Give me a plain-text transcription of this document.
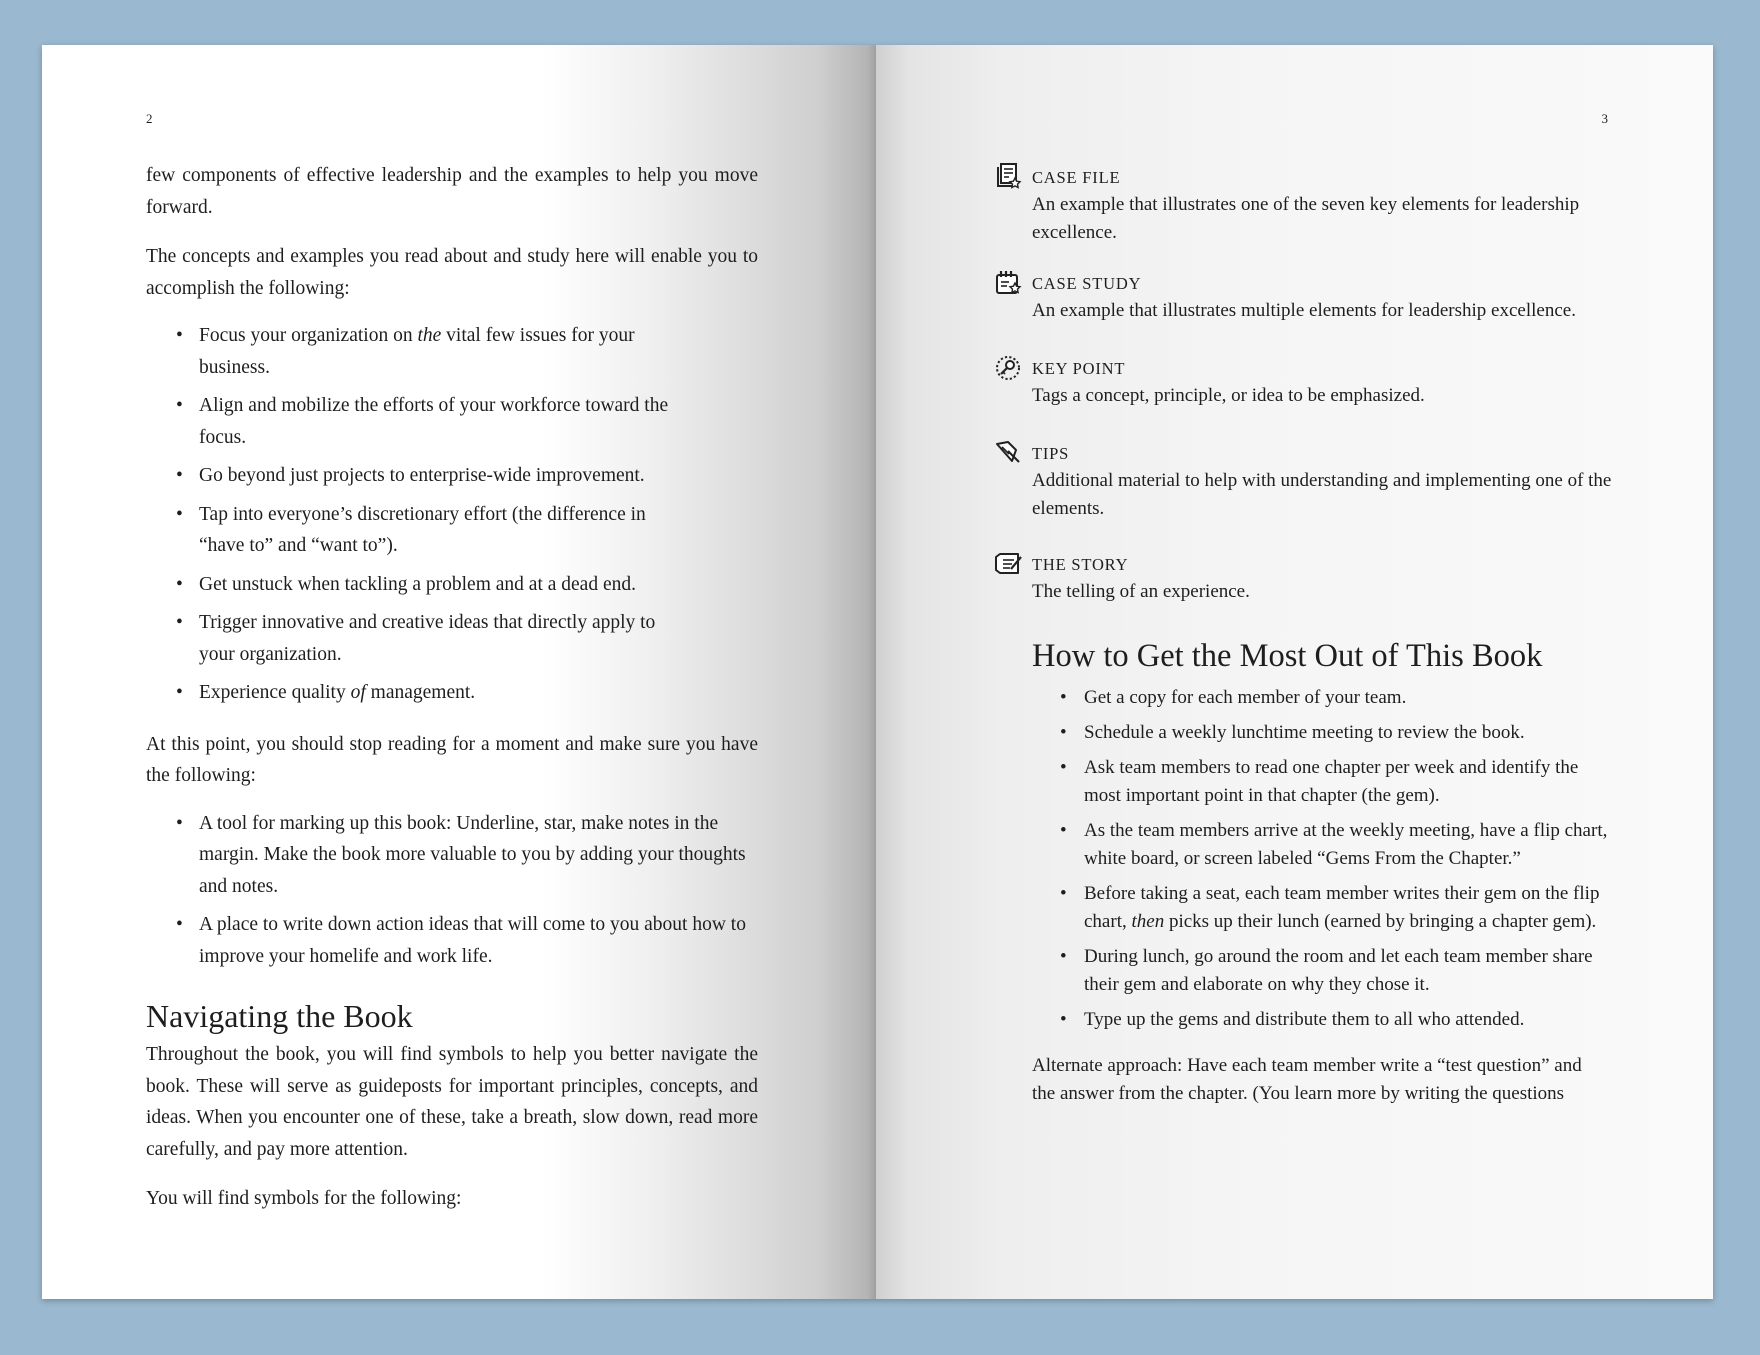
2

few components of effective leadership and the examples to help you move forward.

The concepts and examples you read about and study here will enable you to accomplish the following:

• Focus your organization on the vital few issues for your business.
• Align and mobilize the efforts of your workforce toward the focus.
• Go beyond just projects to enterprise-wide improvement.
• Tap into everyone’s discretionary effort (the difference in “have to” and “want to”).
• Get unstuck when tackling a problem and at a dead end.
• Trigger innovative and creative ideas that directly apply to your organization.
• Experience quality of management.

At this point, you should stop reading for a moment and make sure you have the following:

• A tool for marking up this book: Underline, star, make notes in the margin. Make the book more valuable to you by adding your thoughts and notes.
• A place to write down action ideas that will come to you about how to improve your homelife and work life.
Navigating the Book

Throughout the book, you will find symbols to help you better navigate the book. These will serve as guideposts for important principles, concepts, and ideas. When you encounter one of these, take a breath, slow down, read more carefully, and pay more attention.

You will find symbols for the following:

3
CASE FILE
An example that illustrates one of the seven key elements for leadership excellence.
CASE STUDY
An example that illustrates multiple elements for leadership excellence.
KEY POINT
Tags a concept, principle, or idea to be emphasized.
TIPS
Additional material to help with understanding and implementing one of the elements.
THE STORY
The telling of an experience.
How to Get the Most Out of This Book
• Get a copy for each member of your team.
• Schedule a weekly lunchtime meeting to review the book.
• Ask team members to read one chapter per week and identify the most important point in that chapter (the gem).
• As the team members arrive at the weekly meeting, have a flip chart, white board, or screen labeled “Gems From the Chapter.”
• Before taking a seat, each team member writes their gem on the flip chart, then picks up their lunch (earned by bringing a chapter gem).
• During lunch, go around the room and let each team member share their gem and elaborate on why they chose it.
• Type up the gems and distribute them to all who attended.

Alternate approach: Have each team member write a “test question” and

the answer from the chapter. (You learn more by writing the questions
